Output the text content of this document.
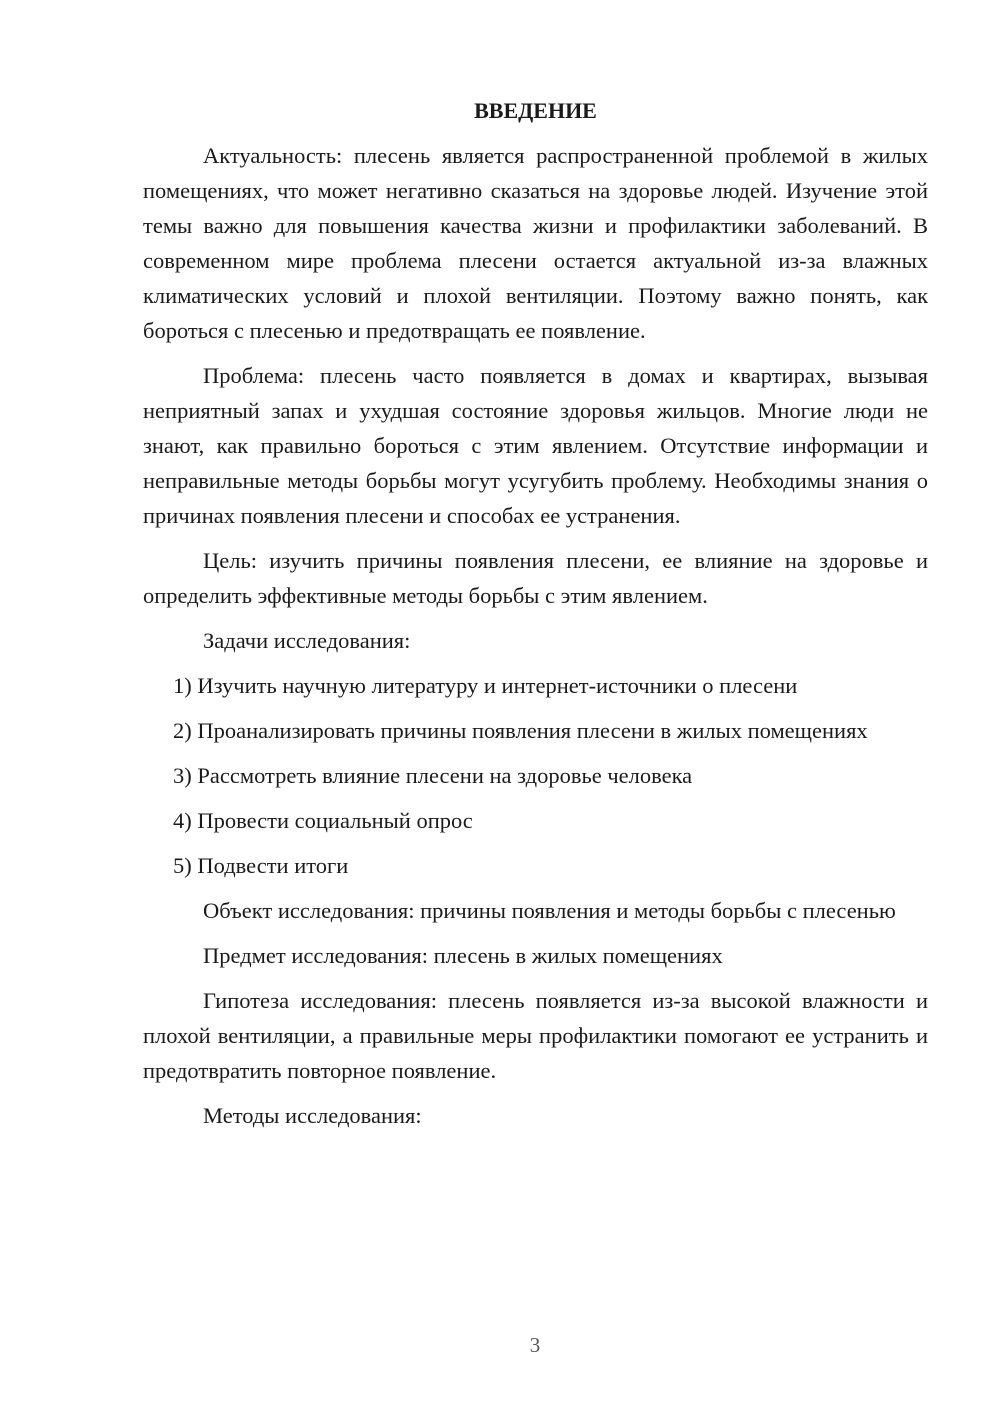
ВВЕДЕНИЕ
Актуальность: плесень является распространенной проблемой в жилых помещениях, что может негативно сказаться на здоровье людей. Изучение этой темы важно для повышения качества жизни и профилактики заболеваний. В современном мире проблема плесени остается актуальной из-за влажных климатических условий и плохой вентиляции. Поэтому важно понять, как бороться с плесенью и предотвращать ее появление.
Проблема: плесень часто появляется в домах и квартирах, вызывая неприятный запах и ухудшая состояние здоровья жильцов. Многие люди не знают, как правильно бороться с этим явлением. Отсутствие информации и неправильные методы борьбы могут усугубить проблему. Необходимы знания о причинах появления плесени и способах ее устранения.
Цель: изучить причины появления плесени, ее влияние на здоровье и определить эффективные методы борьбы с этим явлением.
Задачи исследования:
1) Изучить научную литературу и интернет-источники о плесени
2) Проанализировать причины появления плесени в жилых помещениях
3) Рассмотреть влияние плесени на здоровье человека
4) Провести социальный опрос
5) Подвести итоги
Объект исследования: причины появления и методы борьбы с плесенью
Предмет исследования: плесень в жилых помещениях
Гипотеза исследования: плесень появляется из-за высокой влажности и плохой вентиляции, а правильные меры профилактики помогают ее устранить и предотвратить повторное появление.
Методы исследования:
3
